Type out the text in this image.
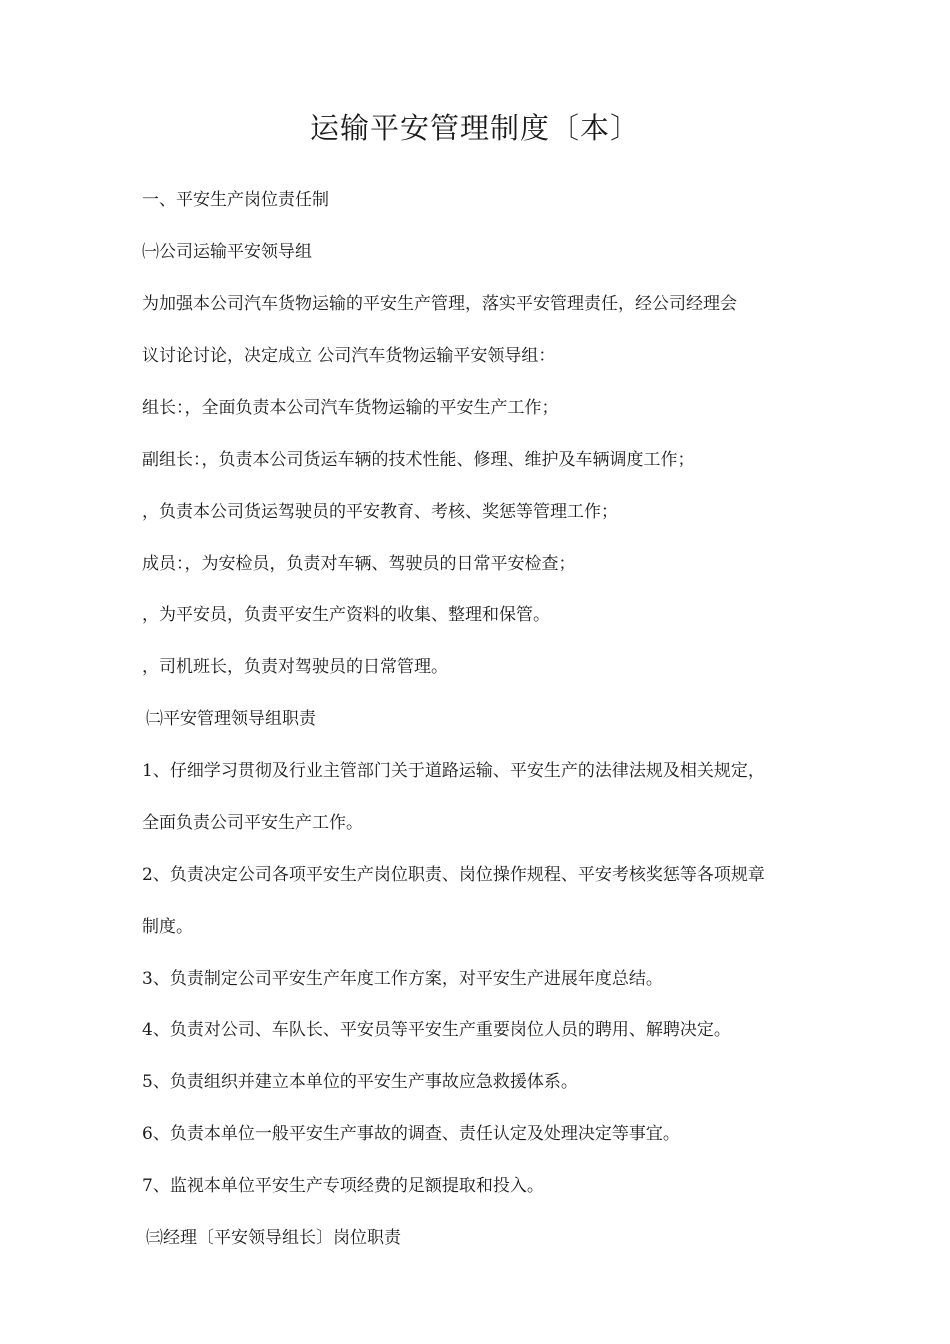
运输平安管理制度〔本〕
一、平安生产岗位责任制
㈠公司运输平安领导组
为加强本公司汽车货物运输的平安生产管理，落实平安管理责任，经公司经理会
议讨论讨论，决定成立 公司汽车货物运输平安领导组：
组长：，全面负责本公司汽车货物运输的平安生产工作；
副组长：，负责本公司货运车辆的技术性能、修理、维护及车辆调度工作；
，负责本公司货运驾驶员的平安教育、考核、奖惩等管理工作；
成员：，为安检员，负责对车辆、驾驶员的日常平安检查；
，为平安员，负责平安生产资料的收集、整理和保管。
，司机班长，负责对驾驶员的日常管理。
㈡平安管理领导组职责
1、仔细学习贯彻及行业主管部门关于道路运输、平安生产的法律法规及相关规定，
全面负责公司平安生产工作。
2、负责决定公司各项平安生产岗位职责、岗位操作规程、平安考核奖惩等各项规章
制度。
3、负责制定公司平安生产年度工作方案，对平安生产进展年度总结。
4、负责对公司、车队长、平安员等平安生产重要岗位人员的聘用、解聘决定。
5、负责组织并建立本单位的平安生产事故应急救援体系。
6、负责本单位一般平安生产事故的调查、责任认定及处理决定等事宜。
7、监视本单位平安生产专项经费的足额提取和投入。
㈢经理〔平安领导组长〕岗位职责
